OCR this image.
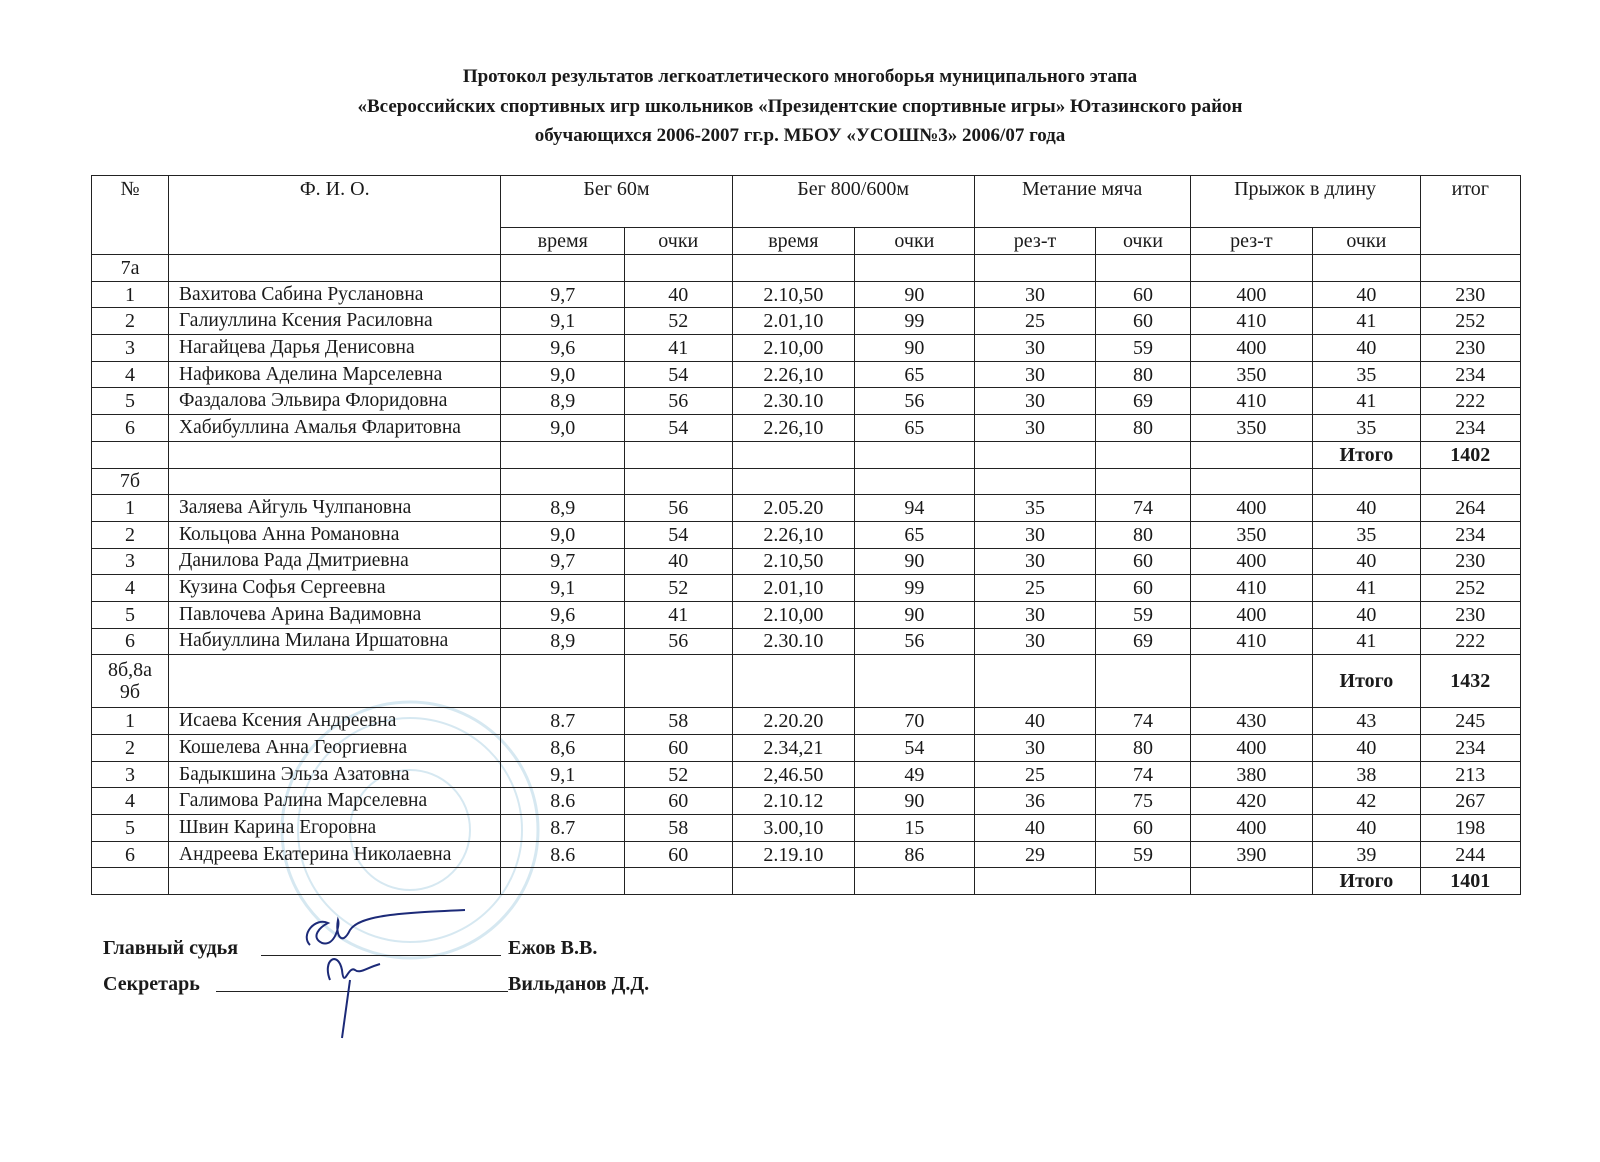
Протокол результатов легкоатлетического многоборья муниципального этапа
«Всероссийских спортивных игр школьников «Президентские спортивные игры» Ютазинского район
обучающихся 2006-2007 гг.р. МБОУ «УСОШ№3» 2006/07 года
№	Ф. И. О.	Бег 60м		Бег 800/600м		Метание мяча		Прыжок в длину		итог
		время	очки	время	очки	рез-т	очки	рез-т	очки	
7а										
1	Вахитова Сабина Руслановна	9,7	40	2.10,50	90	30	60	400	40	230
2	Галиуллина Ксения Расиловна	9,1	52	2.01,10	99	25	60	410	41	252
3	Нагайцева Дарья Денисовна	9,6	41	2.10,00	90	30	59	400	40	230
4	Нафикова Аделина Марселевна	9,0	54	2.26,10	65	30	80	350	35	234
5	Фаздалова Эльвира Флоридовна	8,9	56	2.30.10	56	30	69	410	41	222
6	Хабибуллина Амалья Фларитовна	9,0	54	2.26,10	65	30	80	350	35	234
									Итого	1402
7б										
1	Заляева Айгуль Чулпановна	8,9	56	2.05.20	94	35	74	400	40	264
2	Кольцова Анна Романовна	9,0	54	2.26,10	65	30	80	350	35	234
3	Данилова Рада Дмитриевна	9,7	40	2.10,50	90	30	60	400	40	230
4	Кузина Софья Сергеевна	9,1	52	2.01,10	99	25	60	410	41	252
5	Павлочева Арина Вадимовна	9,6	41	2.10,00	90	30	59	400	40	230
6	Набиуллина Милана Иршатовна	8,9	56	2.30.10	56	30	69	410	41	222

8б,8а
9б									Итого	1432
1	Исаева Ксения Андреевна	8.7	58	2.20.20	70	40	74	430	43	245
2	Кошелева Анна Георгиевна	8,6	60	2.34,21	54	30	80	400	40	234
3	Бадыкшина Эльза Азатовна	9,1	52	2,46.50	49	25	74	380	38	213
4	Галимова Ралина Марселевна	8.6	60	2.10.12	90	36	75	420	42	267
5	Швин Карина Егоровна	8.7	58	3.00,10	15	40	60	400	40	198
6	Андреева Екатерина Николаевна	8.6	60	2.19.10	86	29	59	390	39	244
									Итого	1401
Главный судья	Ежов В.В.
Секретарь	Вильданов Д.Д.
